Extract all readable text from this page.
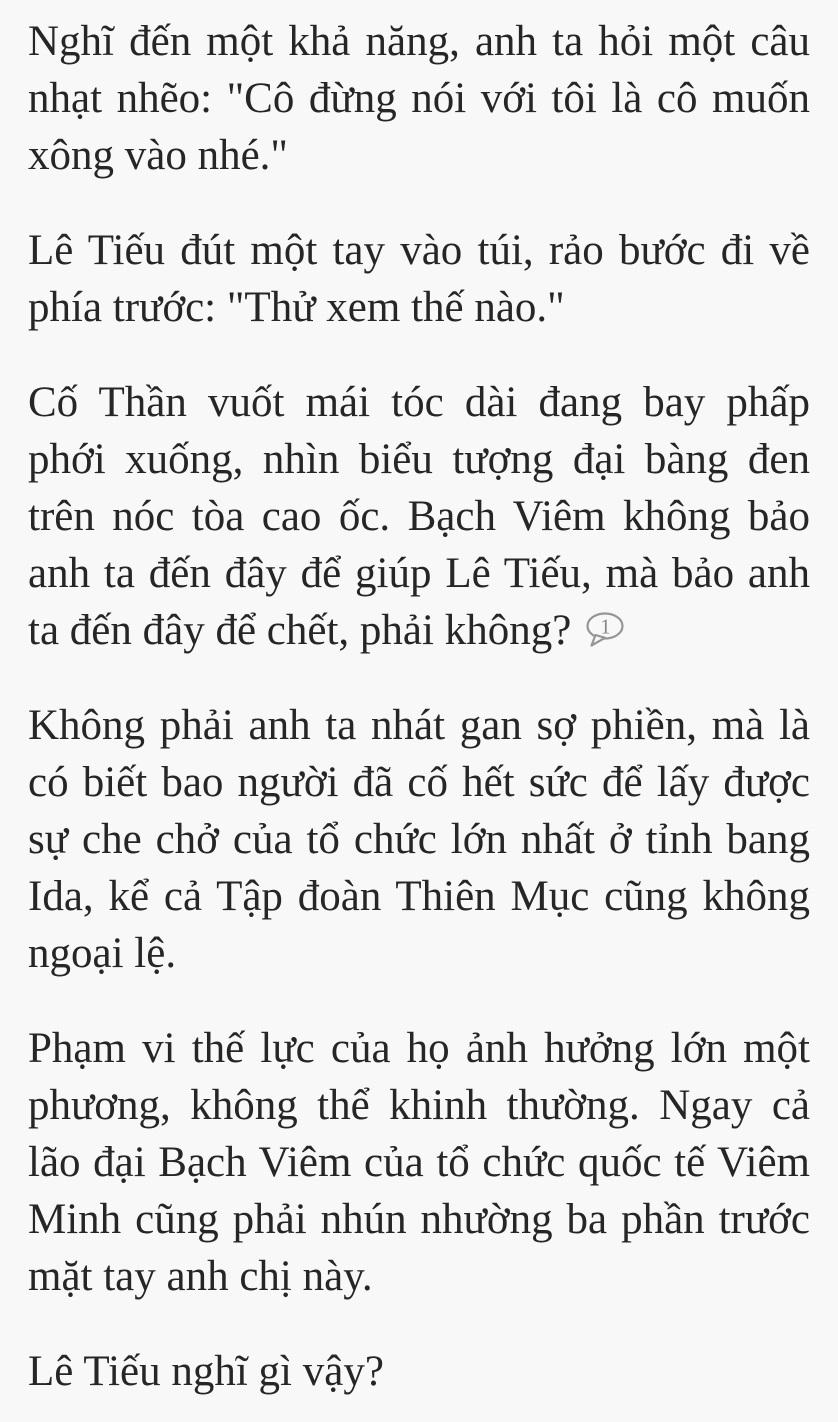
Nghĩ đến một khả năng, anh ta hỏi một câu nhạt nhẽo: "Cô đừng nói với tôi là cô muốn xông vào nhé."

Lê Tiếu đút một tay vào túi, rảo bước đi về phía trước: "Thử xem thế nào."

Cố Thần vuốt mái tóc dài đang bay phấp phới xuống, nhìn biểu tượng đại bàng đen trên nóc tòa cao ốc. Bạch Viêm không bảo anh ta đến đây để giúp Lê Tiếu, mà bảo anh ta đến đây để chết, phải không? 1

Không phải anh ta nhát gan sợ phiền, mà là có biết bao người đã cố hết sức để lấy được sự che chở của tổ chức lớn nhất ở tỉnh bang Ida, kể cả Tập đoàn Thiên Mục cũng không ngoại lệ.

Phạm vi thế lực của họ ảnh hưởng lớn một phương, không thể khinh thường. Ngay cả lão đại Bạch Viêm của tổ chức quốc tế Viêm Minh cũng phải nhún nhường ba phần trước mặt tay anh chị này.

Lê Tiếu nghĩ gì vậy?
